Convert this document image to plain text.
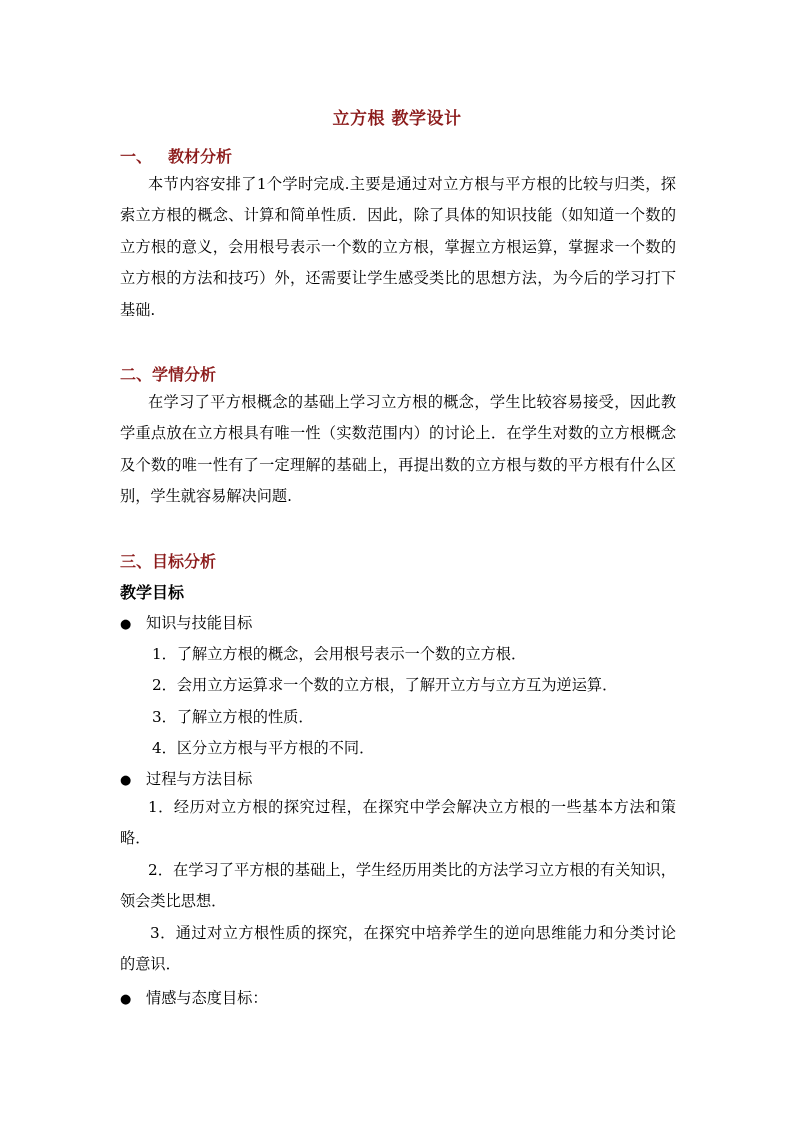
立方根 教学设计
一、 教材分析
本节内容安排了1个学时完成.主要是通过对立方根与平方根的比较与归类，探索立方根的概念、计算和简单性质．因此，除了具体的知识技能（如知道一个数的立方根的意义，会用根号表示一个数的立方根，掌握立方根运算，掌握求一个数的立方根的方法和技巧）外，还需要让学生感受类比的思想方法，为今后的学习打下基础.
二、学情分析
在学习了平方根概念的基础上学习立方根的概念，学生比较容易接受，因此教学重点放在立方根具有唯一性（实数范围内）的讨论上．在学生对数的立方根概念及个数的唯一性有了一定理解的基础上，再提出数的立方根与数的平方根有什么区别，学生就容易解决问题.
三、目标分析
教学目标
● 知识与技能目标
1．了解立方根的概念，会用根号表示一个数的立方根．
2．会用立方运算求一个数的立方根，了解开立方与立方互为逆运算．
3．了解立方根的性质．
4．区分立方根与平方根的不同．
● 过程与方法目标
1．经历对立方根的探究过程，在探究中学会解决立方根的一些基本方法和策略．
2．在学习了平方根的基础上，学生经历用类比的方法学习立方根的有关知识，领会类比思想．
3．通过对立方根性质的探究，在探究中培养学生的逆向思维能力和分类讨论的意识．
● 情感与态度目标：
